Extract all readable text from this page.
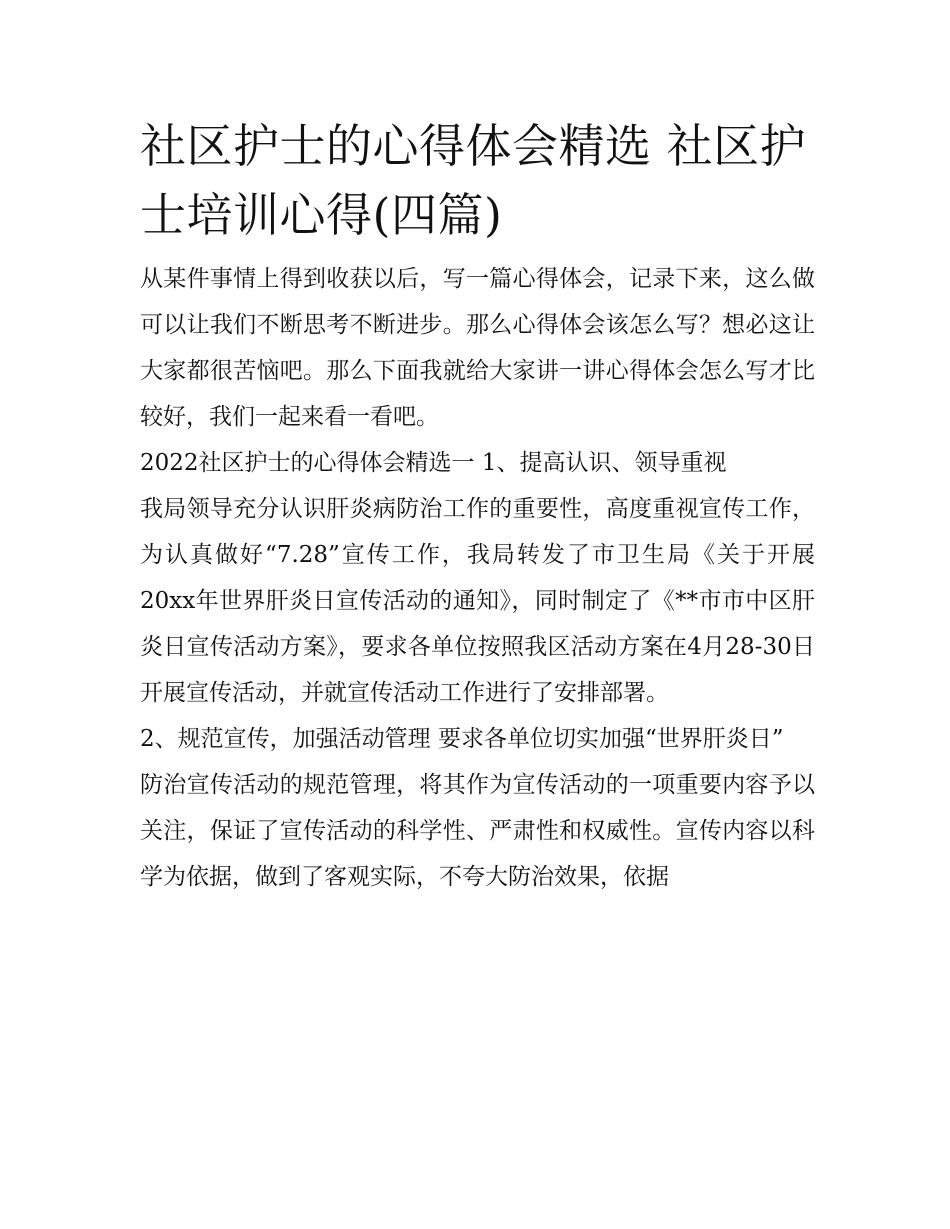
社区护士的心得体会精选 社区护士培训心得(四篇)

从某件事情上得到收获以后，写一篇心得体会，记录下来，这么做可以让我们不断思考不断进步。那么心得体会该怎么写？想必这让大家都很苦恼吧。那么下面我就给大家讲一讲心得体会怎么写才比较好，我们一起来看一看吧。

2022社区护士的心得体会精选一 1、提高认识、领导重视

我局领导充分认识肝炎病防治工作的重要性，高度重视宣传工作，为认真做好“7.28”宣传工作，我局转发了市卫生局《关于开展20xx年世界肝炎日宣传活动的通知》，同时制定了《**市市中区肝炎日宣传活动方案》，要求各单位按照我区活动方案在4月28-30日开展宣传活动，并就宣传活动工作进行了安排部署。

2、规范宣传，加强活动管理 要求各单位切实加强“世界肝炎日”

防治宣传活动的规范管理，将其作为宣传活动的一项重要内容予以关注，保证了宣传活动的科学性、严肃性和权威性。宣传内容以科学为依据，做到了客观实际，不夸大防治效果，依据
